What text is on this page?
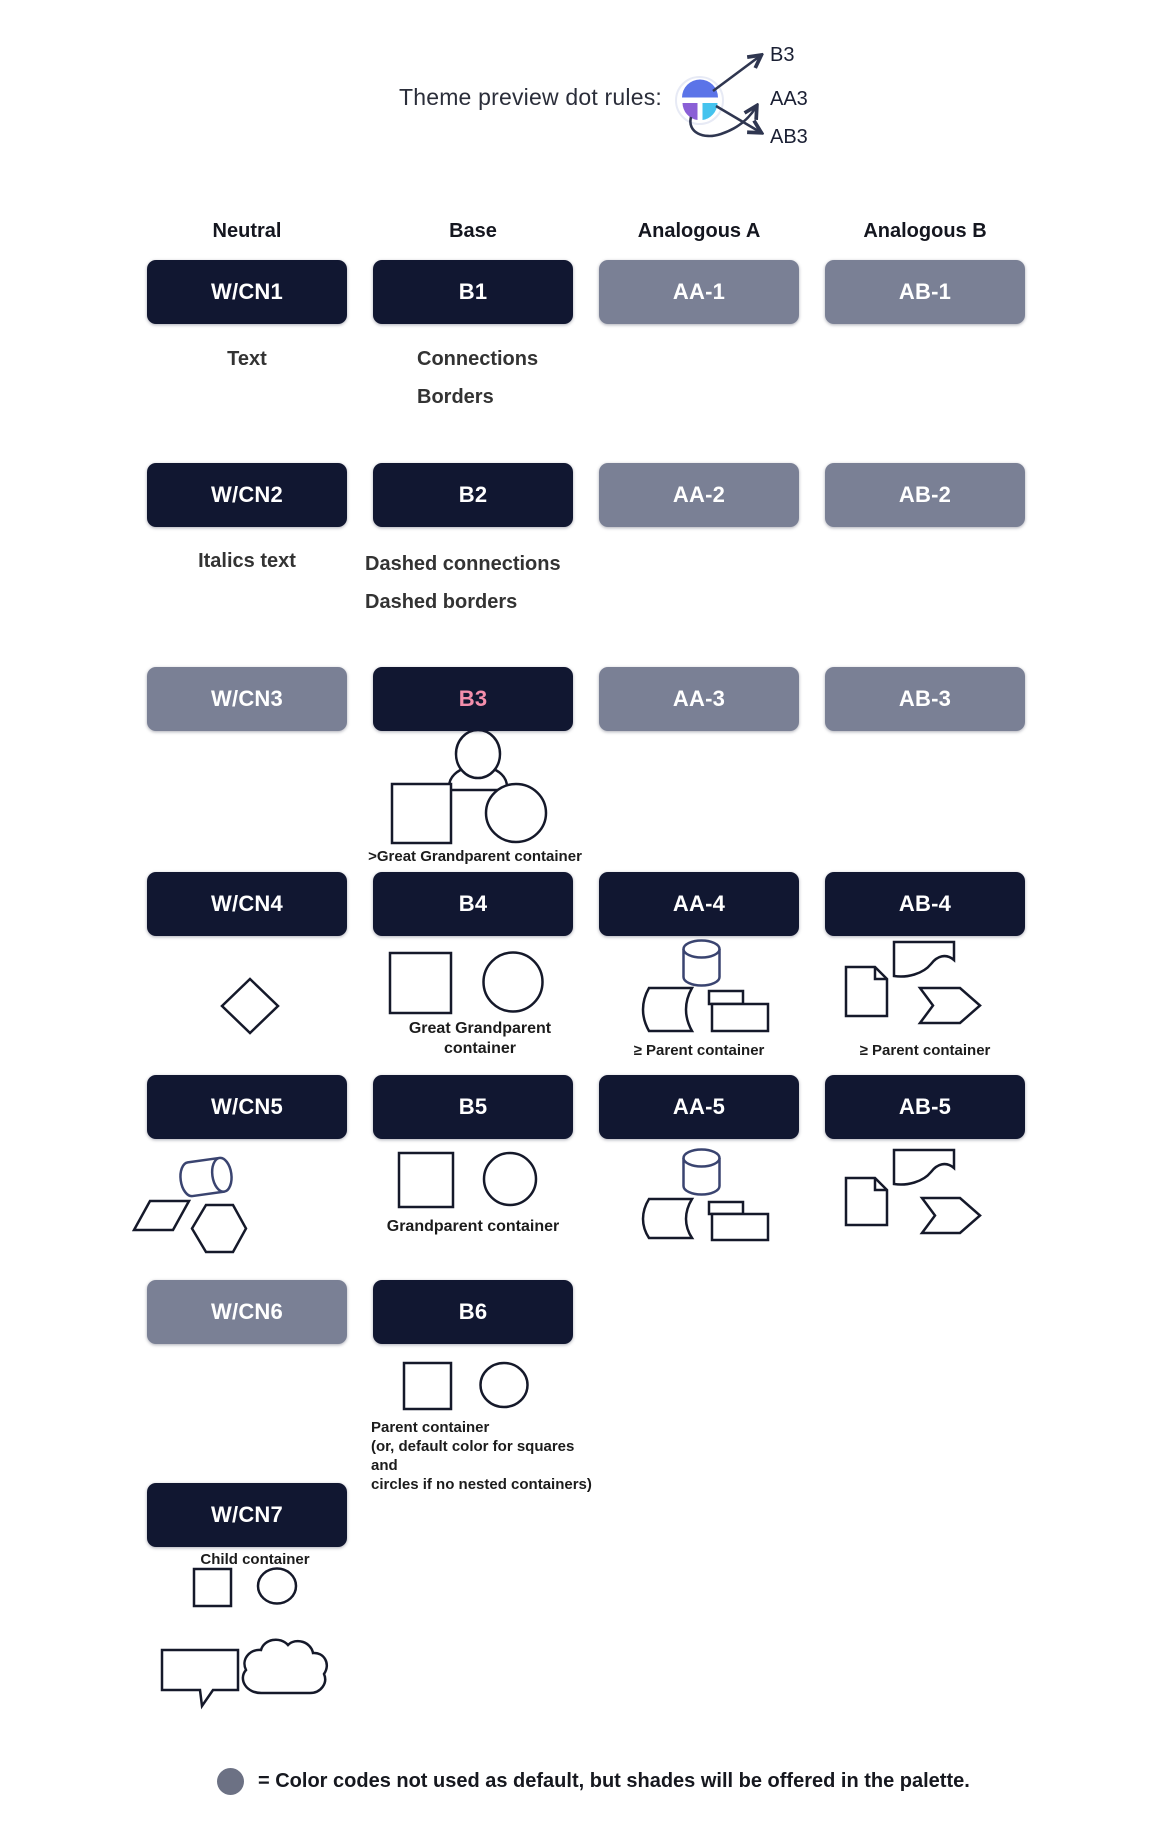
Theme preview dot rules:
B3
AA3
AB3
Neutral	Base	Analogous A	Analogous B
W/CN1	B1	AA-1	AB-1
W/CN2	B2	AA-2	AB-2
W/CN3	B3	AA-3	AB-3
W/CN4	B4	AA-4	AB-4
W/CN5	B5	AA-5	AB-5
W/CN6	B6
W/CN7
Text	Connections
Borders
Italics text	Dashed connections
Dashed borders
>Great Grandparent container
Great Grandparent container	≥ Parent container	≥ Parent container
Grandparent container
Parent container
(or, default color for squares and
circles if no nested containers)
Child container
= Color codes not used as default, but shades will be offered in the palette.
